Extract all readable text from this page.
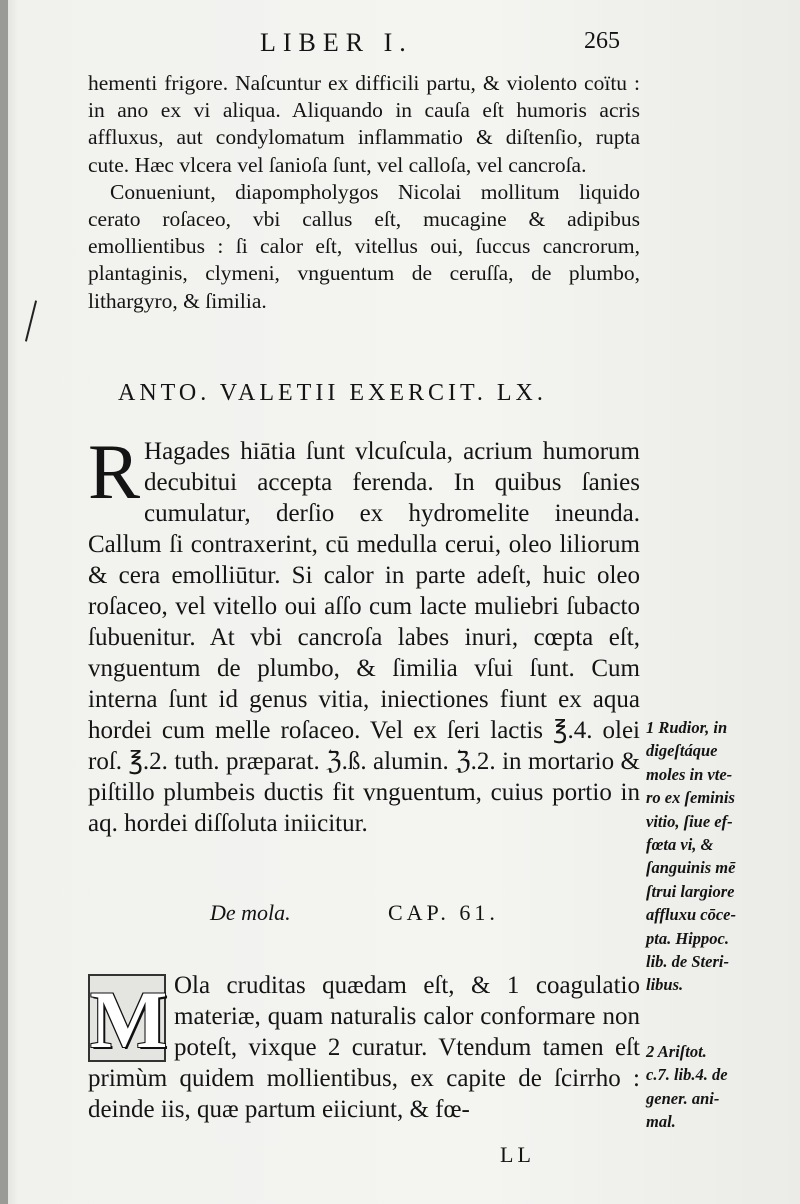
LIBER I.	265

hementi frigore. Naſcuntur ex difficili partu, & violento coïtu : in ano ex vi aliqua. Aliquando in cauſa eſt humoris acris affluxus, aut condylomatum inflammatio & diſtenſio, rupta cute. Hæc vlcera vel ſanioſa ſunt, vel calloſa, vel cancroſa.

Conueniunt, diapompholygos Nicolai mollitum liquido cerato roſaceo, vbi callus eſt, mucagine & adipibus emollientibus : ſi calor eſt, vitellus oui, ſuccus cancrorum, plantaginis, clymeni, vnguentum de ceruſſa, de plumbo, lithargyro, & ſimilia.

ANTO. VALETII EXERCIT. LX.
R Hagades hiātia ſunt vlcuſcula, acrium humorum decubitui accepta ferenda. In quibus ſanies cumulatur, derſio ex hydromelite ineunda. Callum ſi contraxerint, cū medulla cerui, oleo liliorum & cera emolliūtur. Si calor in parte adeſt, huic oleo roſaceo, vel vitello oui aſſo cum lacte muliebri ſubacto ſubuenitur. At vbi cancroſa labes inuri, cœpta eſt, vnguentum de plumbo, & ſimilia vſui ſunt. Cum interna ſunt id genus vitia, iniectiones fiunt ex aqua hordei cum melle roſaceo. Vel ex ſeri lactis ℥.4. olei roſ. ℥.2. tuth. præparat. ℨ.ß. alumin. ℨ.2. in mortario & piſtillo plumbeis ductis fit vnguentum, cuius portio in aq. hordei diſſoluta iniicitur.

1 Rudior, in
digeſtáque
moles in vte-
ro ex ſeminis
vitio, ſiue ef-
fœta vi, &
ſanguinis mē
ſtrui largiore
affluxu cōce-
pta. Hippoc.
lib. de Steri-
libus.
De mola.	CAP. 61.
M Ola cruditas quædam eſt, & 1 coagulatio materiæ, quam naturalis calor conformare non poteſt, vixque 2 curatur. Vtendum tamen eſt primùm quidem mollientibus, ex capite de ſcirrho : deinde iis, quæ partum eiiciunt, & fœ-

2 Ariſtot.
c.7. lib.4. de
gener. ani-
mal.
LL
